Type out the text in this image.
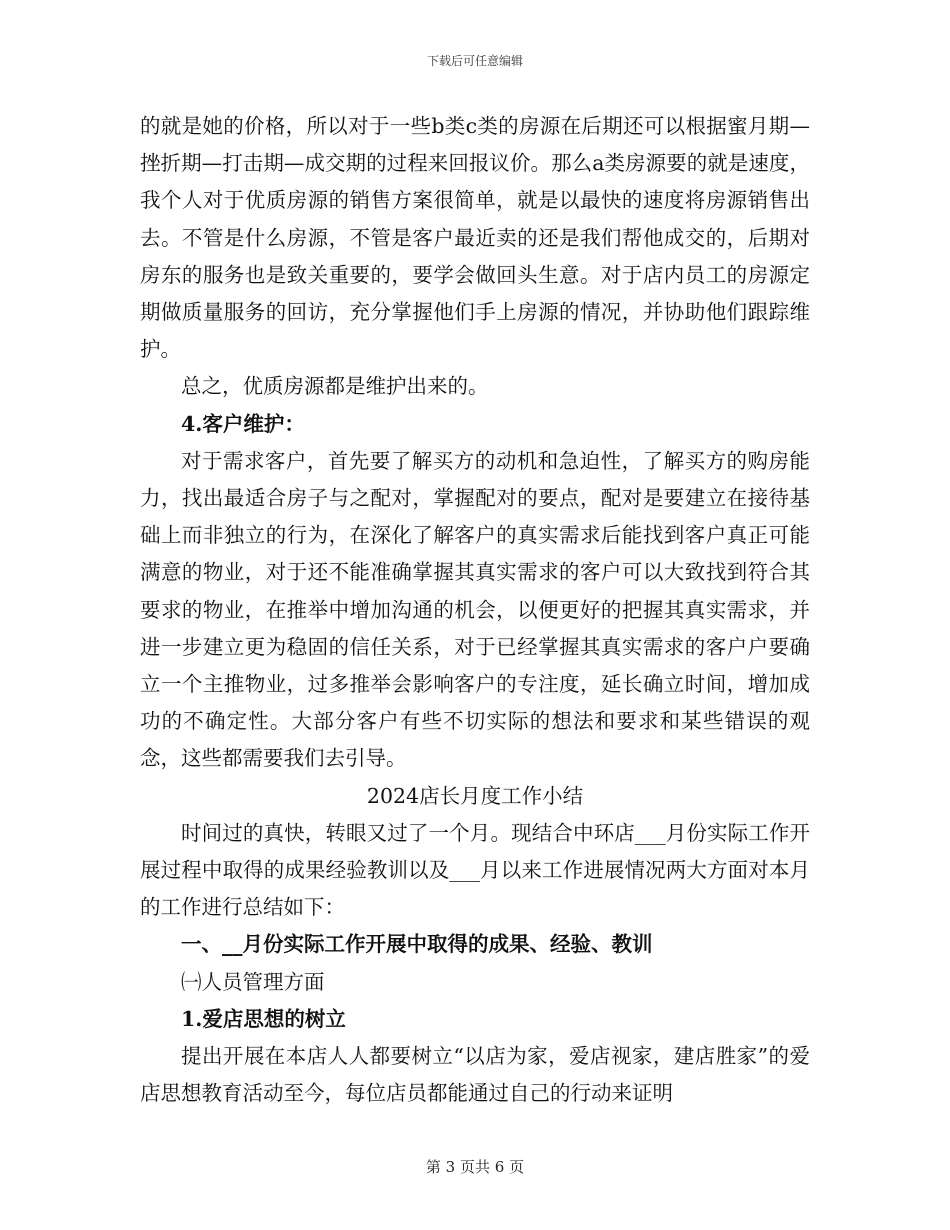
下载后可任意编辑

的就是她的价格，所以对于一些b类c类的房源在后期还可以根据蜜月期—挫折期—打击期—成交期的过程来回报议价。那么a类房源要的就是速度，我个人对于优质房源的销售方案很简单，就是以最快的速度将房源销售出去。不管是什么房源，不管是客户最近卖的还是我们帮他成交的，后期对房东的服务也是致关重要的，要学会做回头生意。对于店内员工的房源定期做质量服务的回访，充分掌握他们手上房源的情况，并协助他们跟踪维护。

总之，优质房源都是维护出来的。

4.客户维护：

对于需求客户，首先要了解买方的动机和急迫性，了解买方的购房能力，找出最适合房子与之配对，掌握配对的要点，配对是要建立在接待基础上而非独立的行为，在深化了解客户的真实需求后能找到客户真正可能满意的物业，对于还不能准确掌握其真实需求的客户可以大致找到符合其要求的物业，在推举中增加沟通的机会，以便更好的把握其真实需求，并进一步建立更为稳固的信任关系，对于已经掌握其真实需求的客户户要确立一个主推物业，过多推举会影响客户的专注度，延长确立时间，增加成功的不确定性。大部分客户有些不切实际的想法和要求和某些错误的观念，这些都需要我们去引导。

2024店长月度工作小结

时间过的真快，转眼又过了一个月。现结合中环店___月份实际工作开展过程中取得的成果经验教训以及___月以来工作进展情况两大方面对本月的工作进行总结如下：

一、__月份实际工作开展中取得的成果、经验、教训

㈠人员管理方面

1.爱店思想的树立

提出开展在本店人人都要树立“以店为家，爱店视家，建店胜家”的爱店思想教育活动至今，每位店员都能通过自己的行动来证明

第 3 页共 6 页
